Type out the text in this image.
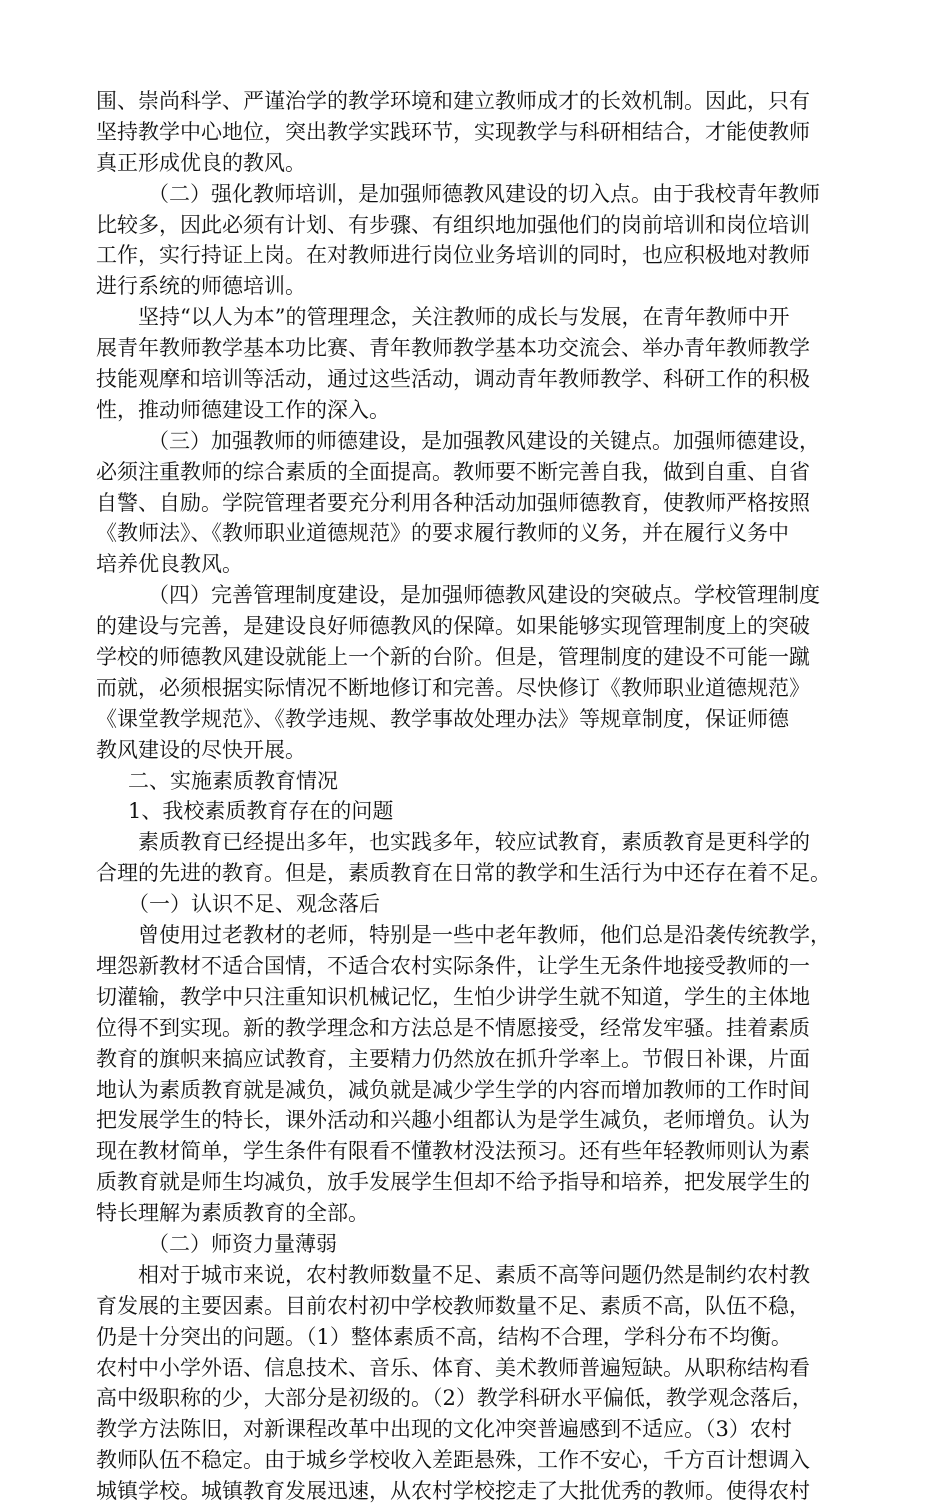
围、崇尚科学、严谨治学的教学环境和建立教师成才的长效机制。因此，只有
坚持教学中心地位，突出教学实践环节，实现教学与科研相结合，才能使教师
真正形成优良的教风。
（二）强化教师培训，是加强师德教风建设的切入点。由于我校青年教师
比较多，因此必须有计划、有步骤、有组织地加强他们的岗前培训和岗位培训
工作，实行持证上岗。在对教师进行岗位业务培训的同时，也应积极地对教师
进行系统的师德培训。
坚持“以人为本”的管理理念，关注教师的成长与发展，在青年教师中开
展青年教师教学基本功比赛、青年教师教学基本功交流会、举办青年教师教学
技能观摩和培训等活动，通过这些活动，调动青年教师教学、科研工作的积极
性，推动师德建设工作的深入。
（三）加强教师的师德建设，是加强教风建设的关键点。加强师德建设，
必须注重教师的综合素质的全面提高。教师要不断完善自我，做到自重、自省
自警、自励。学院管理者要充分利用各种活动加强师德教育，使教师严格按照
《教师法》、《教师职业道德规范》的要求履行教师的义务，并在履行义务中
培养优良教风。
（四）完善管理制度建设，是加强师德教风建设的突破点。学校管理制度
的建设与完善，是建设良好师德教风的保障。如果能够实现管理制度上的突破
学校的师德教风建设就能上一个新的台阶。但是，管理制度的建设不可能一蹴
而就，必须根据实际情况不断地修订和完善。尽快修订《教师职业道德规范》
《课堂教学规范》、《教学违规、教学事故处理办法》等规章制度，保证师德
教风建设的尽快开展。
二、实施素质教育情况
1、我校素质教育存在的问题
素质教育已经提出多年，也实践多年，较应试教育，素质教育是更科学的
合理的先进的教育。但是，素质教育在日常的教学和生活行为中还存在着不足。
（一）认识不足、观念落后
曾使用过老教材的老师，特别是一些中老年教师，他们总是沿袭传统教学，
埋怨新教材不适合国情，不适合农村实际条件，让学生无条件地接受教师的一
切灌输，教学中只注重知识机械记忆，生怕少讲学生就不知道，学生的主体地
位得不到实现。新的教学理念和方法总是不情愿接受，经常发牢骚。挂着素质
教育的旗帜来搞应试教育，主要精力仍然放在抓升学率上。节假日补课，片面
地认为素质教育就是减负，减负就是减少学生学的内容而增加教师的工作时间
把发展学生的特长，课外活动和兴趣小组都认为是学生减负，老师增负。认为
现在教材简单，学生条件有限看不懂教材没法预习。还有些年轻教师则认为素
质教育就是师生均减负，放手发展学生但却不给予指导和培养，把发展学生的
特长理解为素质教育的全部。
（二）师资力量薄弱
相对于城市来说，农村教师数量不足、素质不高等问题仍然是制约农村教
育发展的主要因素。目前农村初中学校教师数量不足、素质不高，队伍不稳，
仍是十分突出的问题。（1）整体素质不高，结构不合理，学科分布不均衡。
农村中小学外语、信息技术、音乐、体育、美术教师普遍短缺。从职称结构看
高中级职称的少，大部分是初级的。（2）教学科研水平偏低，教学观念落后，
教学方法陈旧，对新课程改革中出现的文化冲突普遍感到不适应。（3）农村
教师队伍不稳定。由于城乡学校收入差距悬殊，工作不安心，千方百计想调入
城镇学校。城镇教育发展迅速，从农村学校挖走了大批优秀的教师。使得农村
